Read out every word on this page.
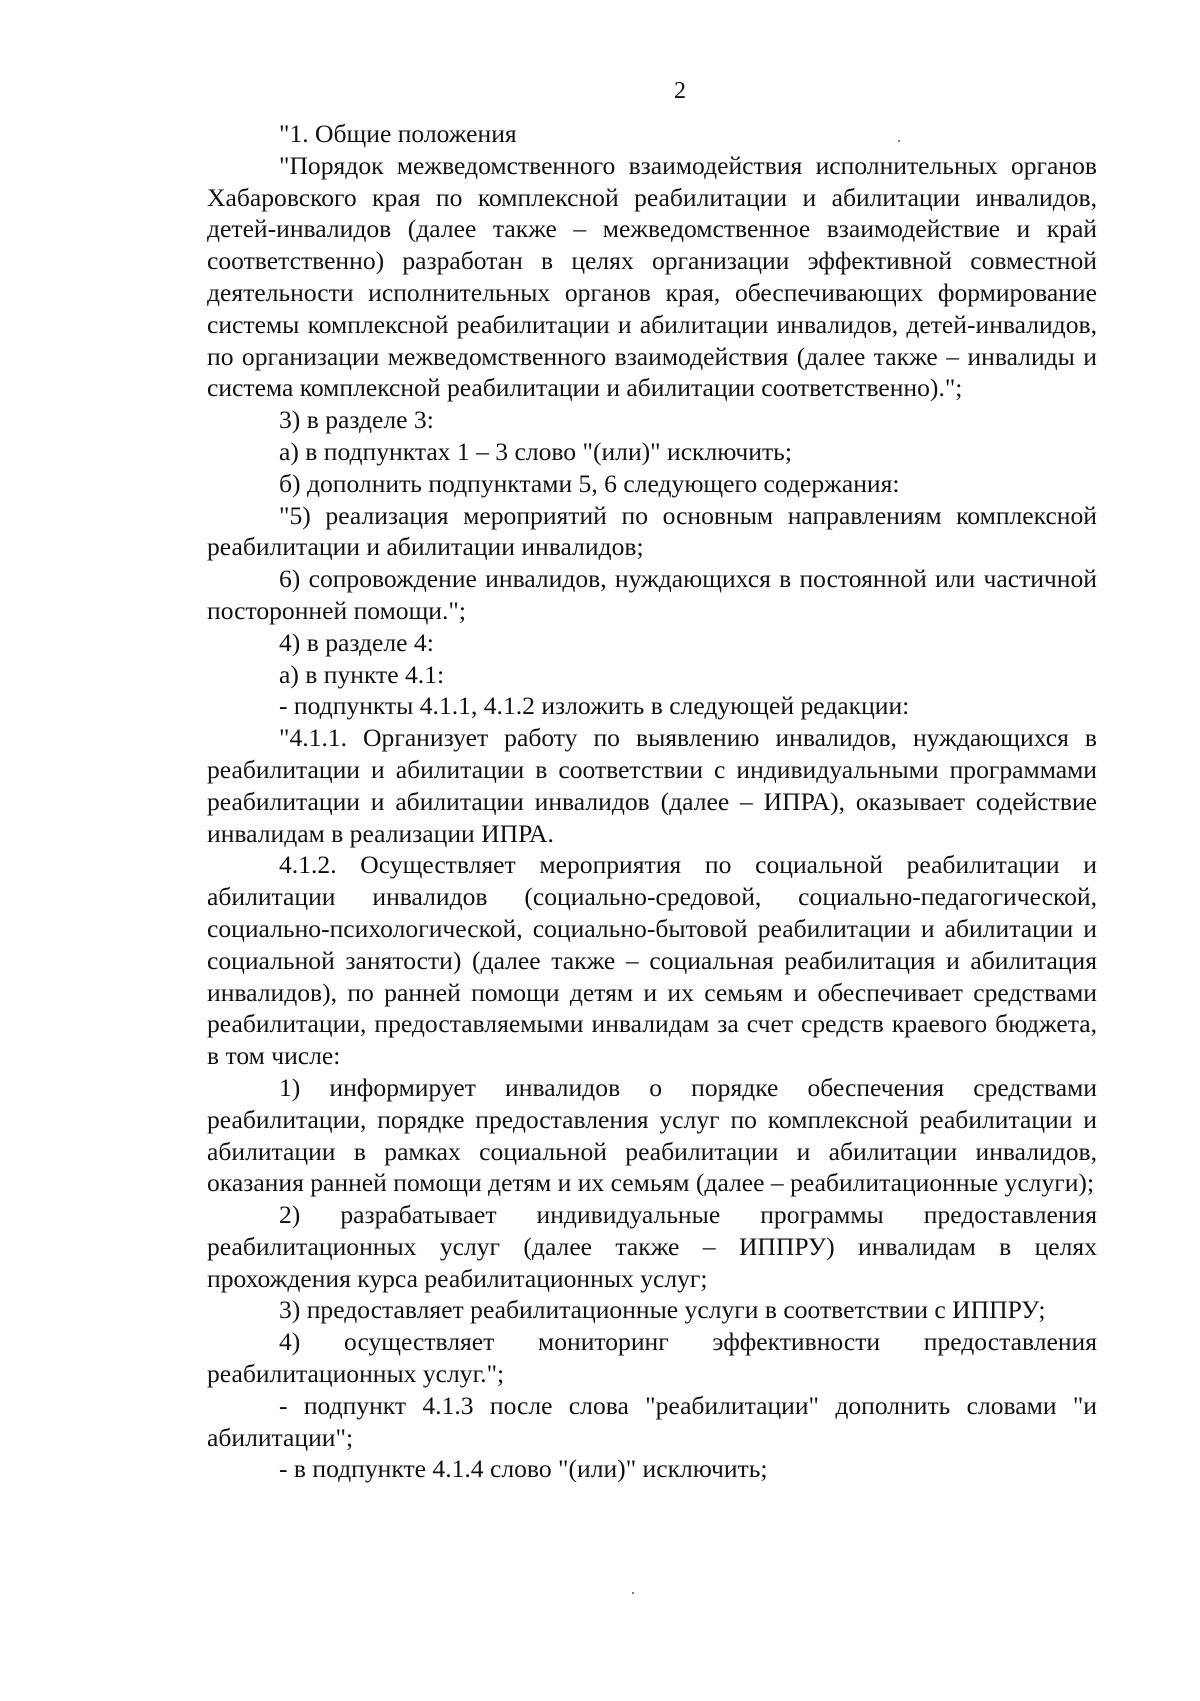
2

"1. Общие положения

"Порядок межведомственного взаимодействия исполнительных органов Хабаровского края по комплексной реабилитации и абилитации инвалидов, детей-инвалидов (далее также – межведомственное взаимодействие и край соответственно) разработан в целях организации эффективной совместной деятельности исполнительных органов края, обеспечивающих формирование системы комплексной реабилитации и абилитации инвалидов, детей-инвалидов, по организации межведомственного взаимодействия (далее также – инвалиды и система комплексной реабилитации и абилитации соответственно).";

3) в разделе 3:

а) в подпунктах 1 – 3 слово "(или)" исключить;

б) дополнить подпунктами 5, 6 следующего содержания:

"5) реализация мероприятий по основным направлениям комплексной реабилитации и абилитации инвалидов;

6) сопровождение инвалидов, нуждающихся в постоянной или частичной посторонней помощи.";

4) в разделе 4:

а) в пункте 4.1:

- подпункты 4.1.1, 4.1.2 изложить в следующей редакции:

"4.1.1. Организует работу по выявлению инвалидов, нуждающихся в реабилитации и абилитации в соответствии с индивидуальными программами реабилитации и абилитации инвалидов (далее – ИПРА), оказывает содействие инвалидам в реализации ИПРА.

4.1.2. Осуществляет мероприятия по социальной реабилитации и абилитации инвалидов (социально-средовой, социально-педагогической, социально-психологической, социально-бытовой реабилитации и абилитации и социальной занятости) (далее также – социальная реабилитация и абилитация инвалидов), по ранней помощи детям и их семьям и обеспечивает средствами реабилитации, предоставляемыми инвалидам за счет средств краевого бюджета, в том числе:

1) информирует инвалидов о порядке обеспечения средствами реабилитации, порядке предоставления услуг по комплексной реабилитации и абилитации в рамках социальной реабилитации и абилитации инвалидов, оказания ранней помощи детям и их семьям (далее – реабилитационные услуги);

2) разрабатывает индивидуальные программы предоставления реабилитационных услуг (далее также – ИППРУ) инвалидам в целях прохождения курса реабилитационных услуг;

3) предоставляет реабилитационные услуги в соответствии с ИППРУ;

4) осуществляет мониторинг эффективности предоставления реабилитационных услуг.";

- подпункт 4.1.3 после слова "реабилитации" дополнить словами "и абилитации";

- в подпункте 4.1.4 слово "(или)" исключить;
